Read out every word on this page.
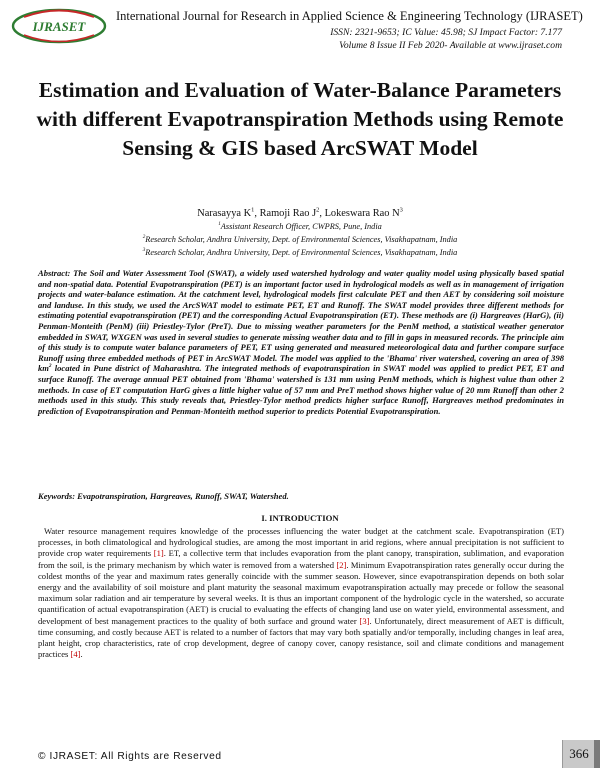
IJRASET
International Journal for Research in Applied Science & Engineering Technology (IJRASET)
ISSN: 2321-9653; IC Value: 45.98; SJ Impact Factor: 7.177
Volume 8 Issue II Feb 2020- Available at www.ijraset.com
Estimation and Evaluation of Water-Balance Parameters with different Evapotranspiration Methods using Remote Sensing & GIS based ArcSWAT Model
Narasayya $K^1$, Ramoji Rao $J^2$, Lokeswara Rao $N^3$
$^1$Assistant Research Officer, CWPRS, Pune, India
$^2$Research Scholar, Andhra University, Dept. of Environmental Sciences, Visakhapatnam, India
$^3$Research Scholar, Andhra University, Dept. of Environmental Sciences, Visakhapatnam, India

Abstract: The Soil and Water Assessment Tool (SWAT), a widely used watershed hydrology and water quality model using physically based spatial and non-spatial data. Potential Evapotranspiration (PET) is an important factor used in hydrological models as well as in management of irrigation projects and water-balance estimation. At the catchment level, hydrological models first calculate PET and then AET by considering soil moisture and landuse. In this study, we used the ArcSWAT model to estimate PET, ET and Runoff. The SWAT model provides three different methods for estimating potential evapotranspiration (PET) and the corresponding Actual Evapotranspiration (ET). These methods are (i) Hargreaves (HarG), (ii) Penman-Monteith (PenM) (iii) Priestley-Tylor (PreT). Due to missing weather parameters for the PenM method, a statistical weather generator embedded in SWAT, WXGEN was used in several studies to generate missing weather data and to fill in gaps in measured records. The principle aim of this study is to compute water balance parameters of PET, ET using generated and measured meteorological data and further compare surface Runoff using three embedded methods of PET in ArcSWAT Model. The model was applied to the 'Bhama' river watershed, covering an area of 398 $km^2$ located in Pune district of Maharashtra. The integrated methods of evapotranspiration in SWAT model was applied to predict PET, ET and surface Runoff. The average annual PET obtained from 'Bhama' watershed is 131 mm using PenM methods, which is highest value than other 2 methods. In case of ET computation HarG gives a little higher value of 57 mm and PreT method shows higher value of 20 mm Runoff than other 2 methods used in this study. This study reveals that, Priestley-Tylor method predicts higher surface Runoff, Hargreaves method predominates in prediction of Evapotranspiration and Penman-Monteith method superior to predicts Potential Evapotranspiration.

Keywords: Evapotranspiration, Hargreaves, Runoff, SWAT, Watershed.
I. INTRODUCTION

Water resource management requires knowledge of the processes influencing the water budget at the catchment scale. Evapotranspiration (ET) processes, in both climatological and hydrological studies, are among the most important in arid regions, where annual precipitation is not sufficient to provide crop water requirements [1]. ET, a collective term that includes evaporation from the plant canopy, transpiration, sublimation, and evaporation from the soil, is the primary mechanism by which water is removed from a watershed [2]. Minimum Evapotranspiration rates generally occur during the coldest months of the year and maximum rates generally coincide with the summer season. However, since evapotranspiration depends on both solar energy and the availability of soil moisture and plant maturity the seasonal maximum evapotranspiration actually may precede or follow the seasonal maximum solar radiation and air temperature by several weeks. It is thus an important component of the hydrologic cycle in the watershed, so accurate quantification of actual evapotranspiration (AET) is crucial to evaluating the effects of changing land use on water yield, environmental assessment, and development of best management practices to the quality of both surface and ground water [3]. Unfortunately, direct measurement of AET is difficult, time consuming, and costly because AET is related to a number of factors that may vary both spatially and/or temporally, including changes in leaf area, plant height, crop characteristics, rate of crop development, degree of canopy cover, canopy resistance, soil and climate conditions and management practices [4].

© IJRASET: All Rights are Reserved	366
